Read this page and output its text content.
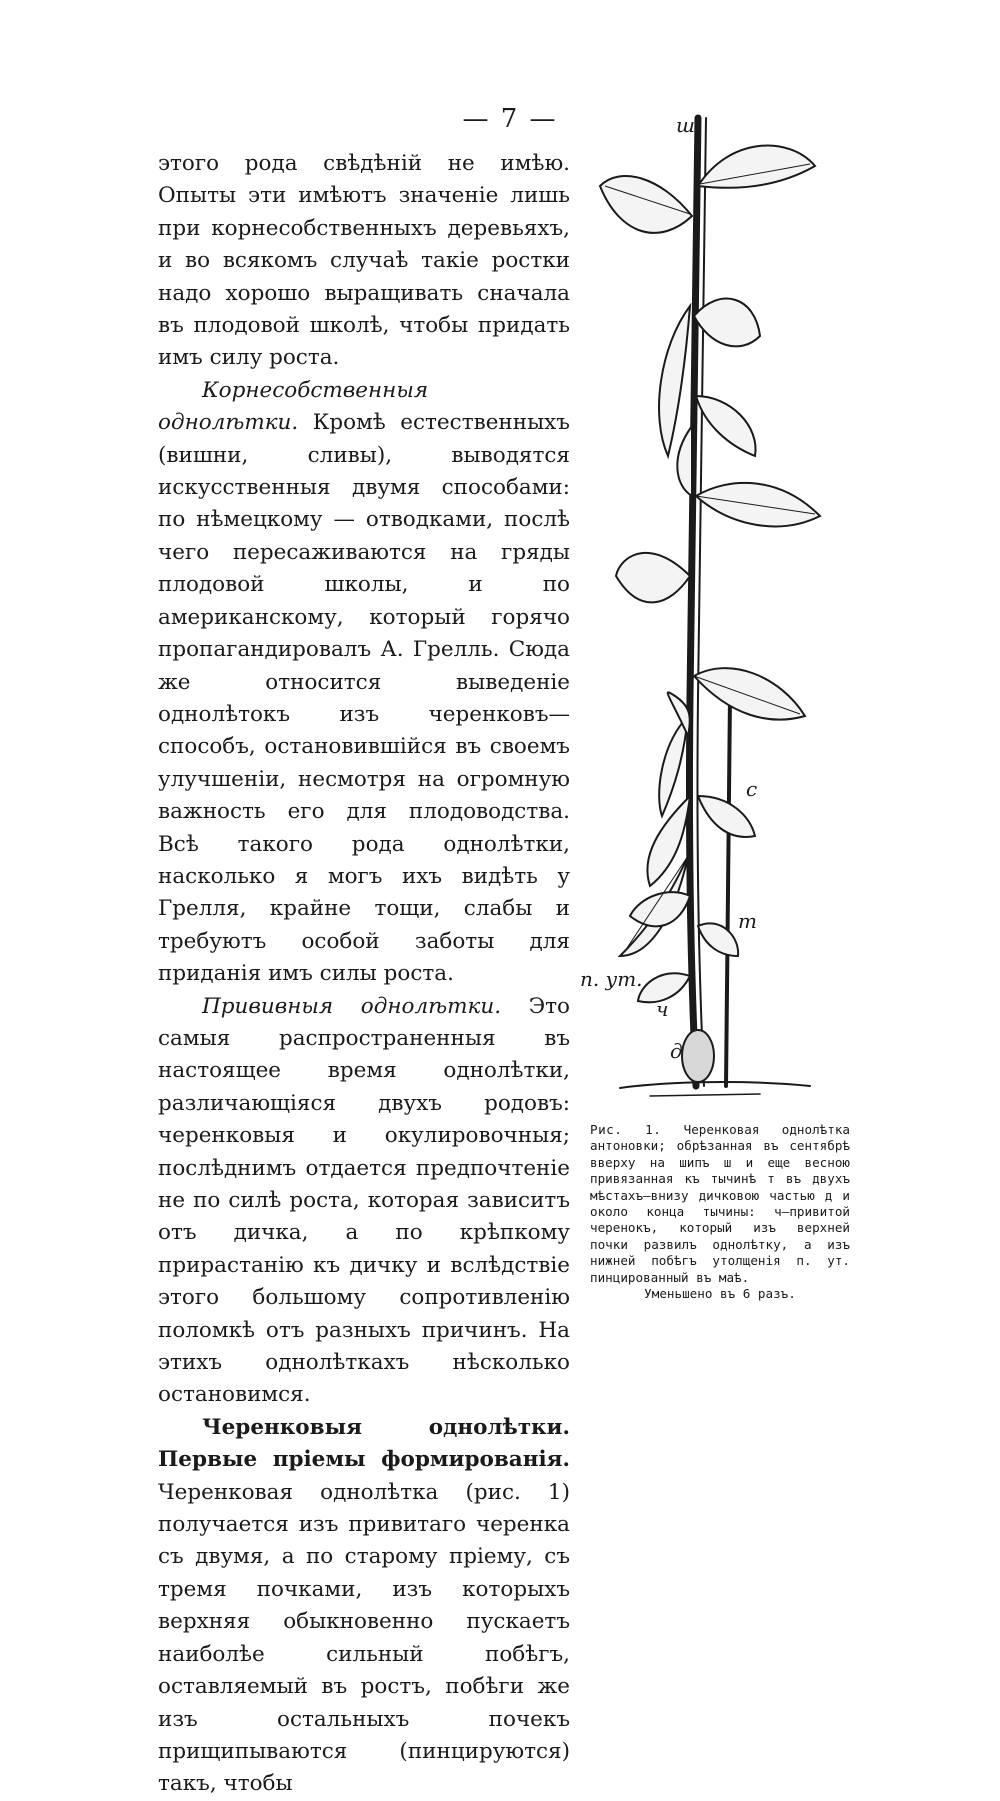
— 7 —

этого рода свѣдѣній не имѣю. Опыты эти имѣютъ значеніе лишь при корнесобственныхъ деревьяхъ, и во всякомъ случаѣ такіе ростки надо хорошо выращивать сначала въ плодовой школѣ, чтобы придать имъ силу роста.

Корнесобственныя однолѣтки. Кромѣ естественныхъ (вишни, сливы), выводятся искусственныя двумя способами: по нѣмецкому — отводками, послѣ чего пересаживаются на гряды плодовой школы, и по американскому, который горячо пропагандировалъ А. Грелль. Сюда же относится выведеніе однолѣтокъ изъ черенковъ—способъ, остановившійся въ своемъ улучшеніи, несмотря на огромную важность его для плодоводства. Всѣ такого рода однолѣтки, насколько я могъ ихъ видѣть у Грелля, крайне тощи, слабы и требуютъ особой заботы для приданія имъ силы роста.

Прививныя однолѣтки. Это самыя распространенныя въ настоящее время однолѣтки, различающіяся двухъ родовъ: черенковыя и окулировочныя; послѣднимъ отдается предпочтеніе не по силѣ роста, которая зависитъ отъ дичка, а по крѣпкому прирастанію къ дичку и вслѣдствіе этого большому сопротивленію поломкѣ отъ разныхъ причинъ. На этихъ однолѣткахъ нѣсколько остановимся.

Черенковыя однолѣтки. Первые пріемы формированія. Черенковая однолѣтка (рис. 1) получается изъ привитаго черенка съ двумя, а по старому пріему, съ тремя почками, изъ которыхъ верхняя обыкновенно пускаетъ наиболѣе сильный побѣгъ, оставляемый въ ростъ, побѣги же изъ остальныхъ почекъ прищипываются (пинцируются) такъ, чтобы

ш
т
п. ут.
ч
д
с
Рис. 1. Черенковая однолѣтка антоновки; обрѣзанная въ сентябрѣ вверху на шипъ ш и еще весною привязанная къ тычинѣ т въ двухъ мѣстахъ—внизу дичковою частью д и около конца тычины: ч—привитой черенокъ, который изъ верхней почки развилъ однолѣтку, а изъ нижней побѣгъ утолщенія п. ут. пинцированный въ маѣ.
Уменьшено въ 6 разъ.
